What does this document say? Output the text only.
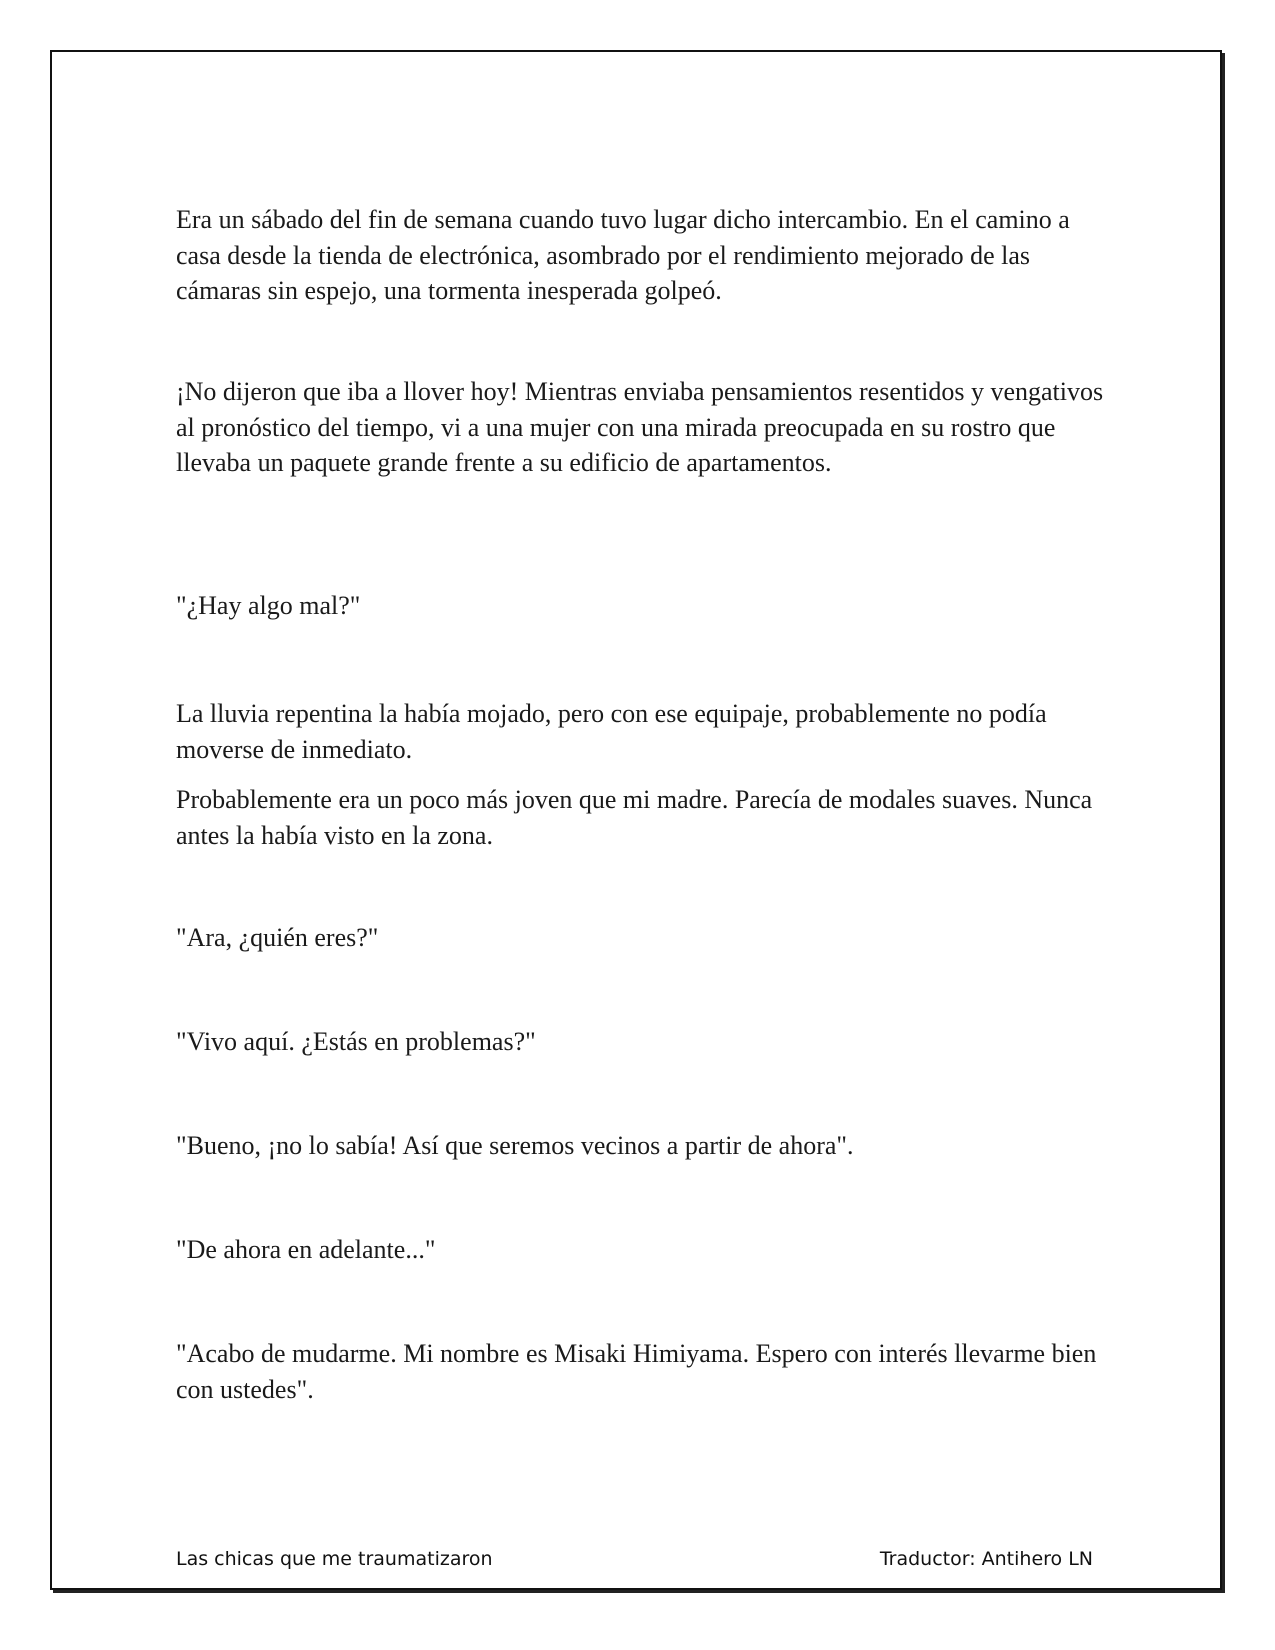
Era un sábado del fin de semana cuando tuvo lugar dicho intercambio. En el camino a casa desde la tienda de electrónica, asombrado por el rendimiento mejorado de las cámaras sin espejo, una tormenta inesperada golpeó.

¡No dijeron que iba a llover hoy! Mientras enviaba pensamientos resentidos y vengativos al pronóstico del tiempo, vi a una mujer con una mirada preocupada en su rostro que llevaba un paquete grande frente a su edificio de apartamentos.

"¿Hay algo mal?"

La lluvia repentina la había mojado, pero con ese equipaje, probablemente no podía moverse de inmediato.

Probablemente era un poco más joven que mi madre. Parecía de modales suaves. Nunca antes la había visto en la zona.

"Ara, ¿quién eres?"

"Vivo aquí. ¿Estás en problemas?"

"Bueno, ¡no lo sabía! Así que seremos vecinos a partir de ahora".

"De ahora en adelante..."

"Acabo de mudarme. Mi nombre es Misaki Himiyama. Espero con interés llevarme bien con ustedes".

Las chicas que me traumatizaron	Traductor: Antihero LN
